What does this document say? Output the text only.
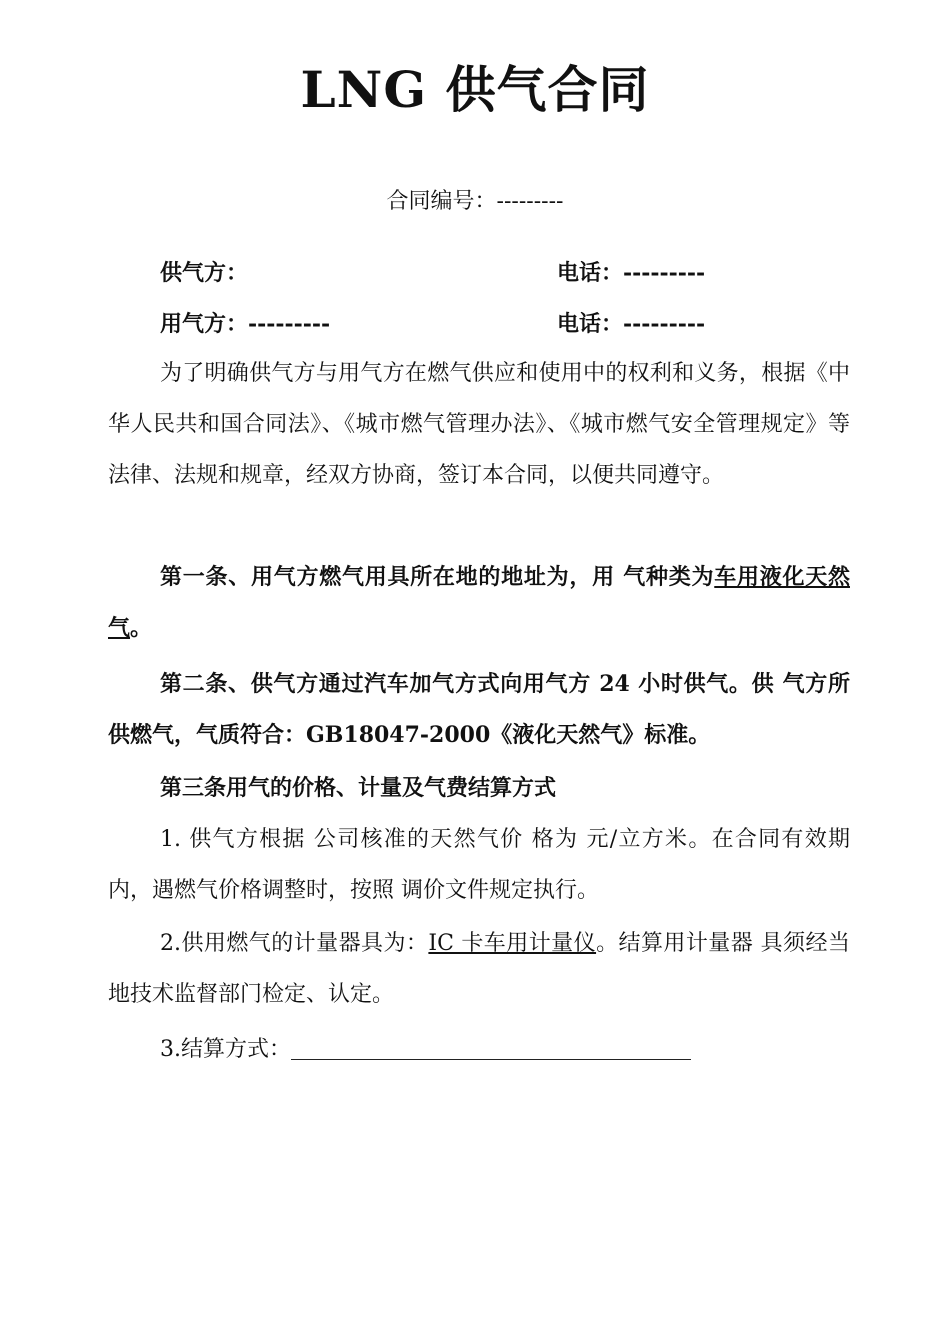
LNG 供气合同
合同编号：---------
供气方：	电话：---------
用气方：---------	电话：---------

为了明确供气方与用气方在燃气供应和使用中的权利和义务，根据《中华人民共和国合同法》、《城市燃气管理办法》、《城市燃气安全管理规定》等法律、法规和规章，经双方协商，签订本合同，以便共同遵守。

第一条、用气方燃气用具所在地的地址为，用 气种类为车用液化天然气。

第二条、供气方通过汽车加气方式向用气方 24 小时供气。供 气方所供燃气，气质符合：GB18047-2000《液化天然气》标准。

第三条用气的价格、计量及气费结算方式

1. 供气方根据 公司核准的天然气价 格为 元/立方米。在合同有效期内，遇燃气价格调整时，按照 调价文件规定执行。

2.供用燃气的计量器具为：IC 卡车用计量仪。结算用计量器 具须经当地技术监督部门检定、认定。

3.结算方式：
